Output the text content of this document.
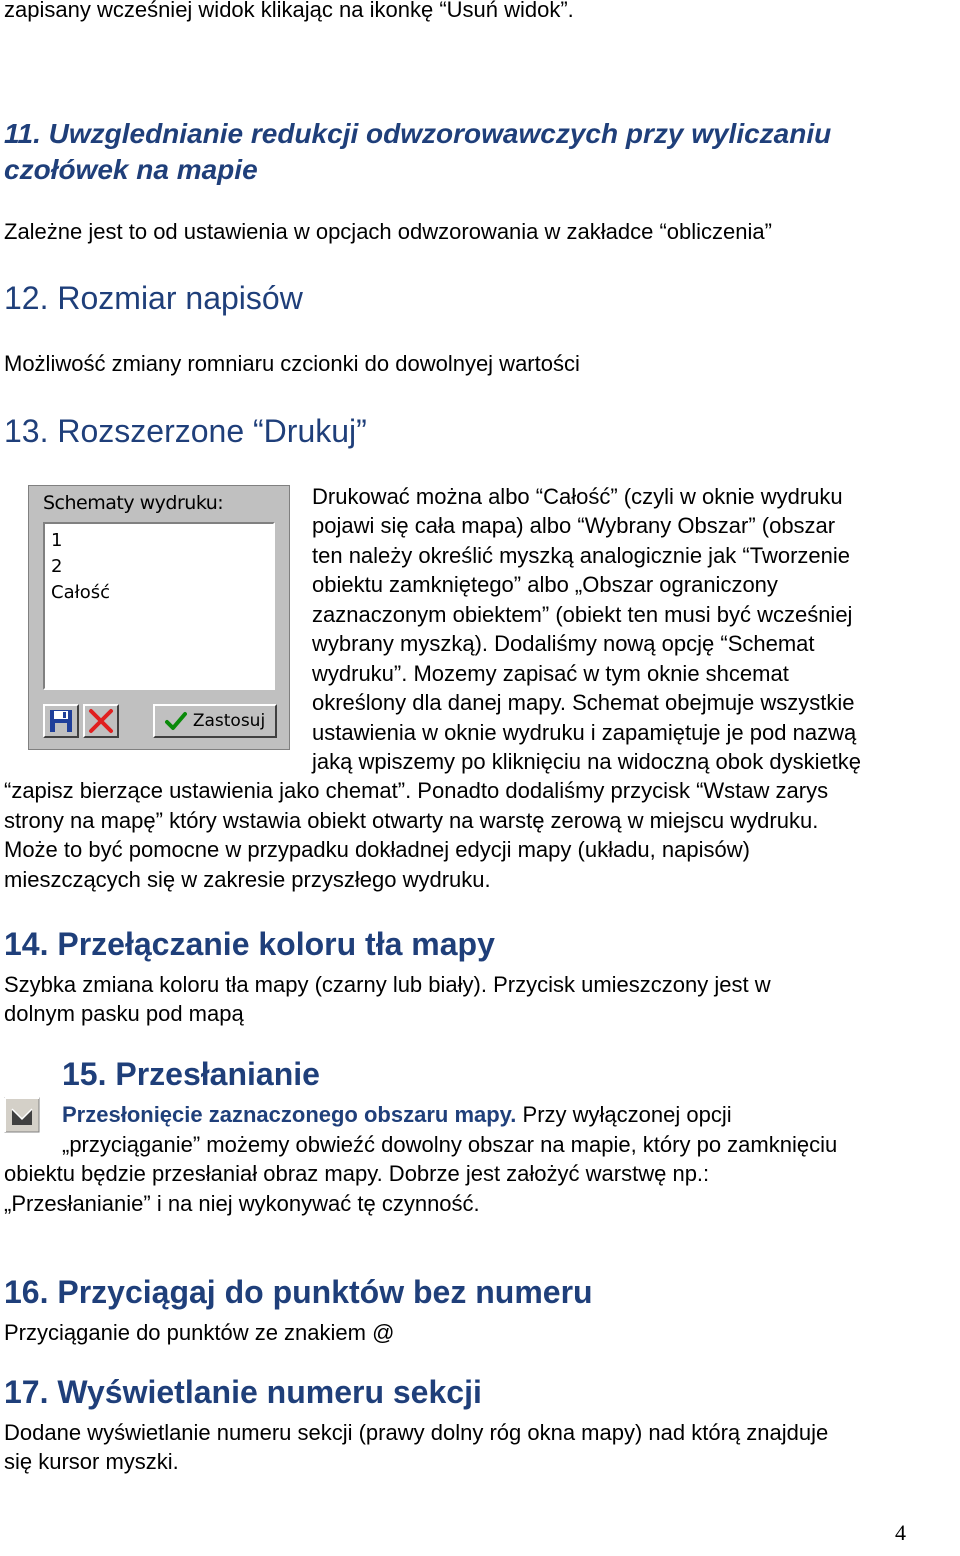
zapisany wcześniej widok klikając na ikonkę “Usuń widok”.
11. Uwzglednianie redukcji odwzorowawczych przy wyliczaniu
czołówek na mapie
Zależne jest to od ustawienia w opcjach odwzorowania w zakładce “obliczenia”
12. Rozmiar napisów
Możliwość zmiany romniaru czcionki do dowolnyej wartości
13. Rozszerzone “Drukuj”
Schematy wydruku:
1
2
Całość
Zastosuj
Drukować można albo “Całość” (czyli w oknie wydruku
pojawi się cała mapa) albo “Wybrany Obszar” (obszar
ten należy określić myszką analogicznie jak “Tworzenie
obiektu zamkniętego” albo „Obszar ograniczony
zaznaczonym obiektem” (obiekt ten musi być wcześniej
wybrany myszką). Dodaliśmy nową opcję “Schemat
wydruku”. Mozemy zapisać w tym oknie shcemat
określony dla danej mapy. Schemat obejmuje wszystkie
ustawienia w oknie wydruku i zapamiętuje je pod nazwą
jaką wpiszemy po kliknięciu na widoczną obok dyskietkę
“zapisz bierzące ustawienia jako chemat”. Ponadto dodaliśmy przycisk “Wstaw zarys
strony na mapę” który wstawia obiekt otwarty na warstę zerową w miejscu wydruku.
Może to być pomocne w przypadku dokładnej edycji mapy (układu, napisów)
mieszczących się w zakresie przyszłego wydruku.
14. Przełączanie koloru tła mapy
Szybka zmiana koloru tła mapy (czarny lub biały). Przycisk umieszczony jest w
dolnym pasku pod mapą
15. Przesłanianie
Przesłonięcie zaznaczonego obszaru mapy. Przy wyłączonej opcji
„przyciąganie” możemy obwieźć dowolny obszar na mapie, który po zamknięciu
obiektu będzie przesłaniał obraz mapy. Dobrze jest założyć warstwę np.:
„Przesłanianie” i na niej wykonywać tę czynność.
16. Przyciągaj do punktów bez numeru
Przyciąganie do punktów ze znakiem @
17. Wyświetlanie numeru sekcji
Dodane wyświetlanie numeru sekcji (prawy dolny róg okna mapy) nad którą znajduje
się kursor myszki.
4
